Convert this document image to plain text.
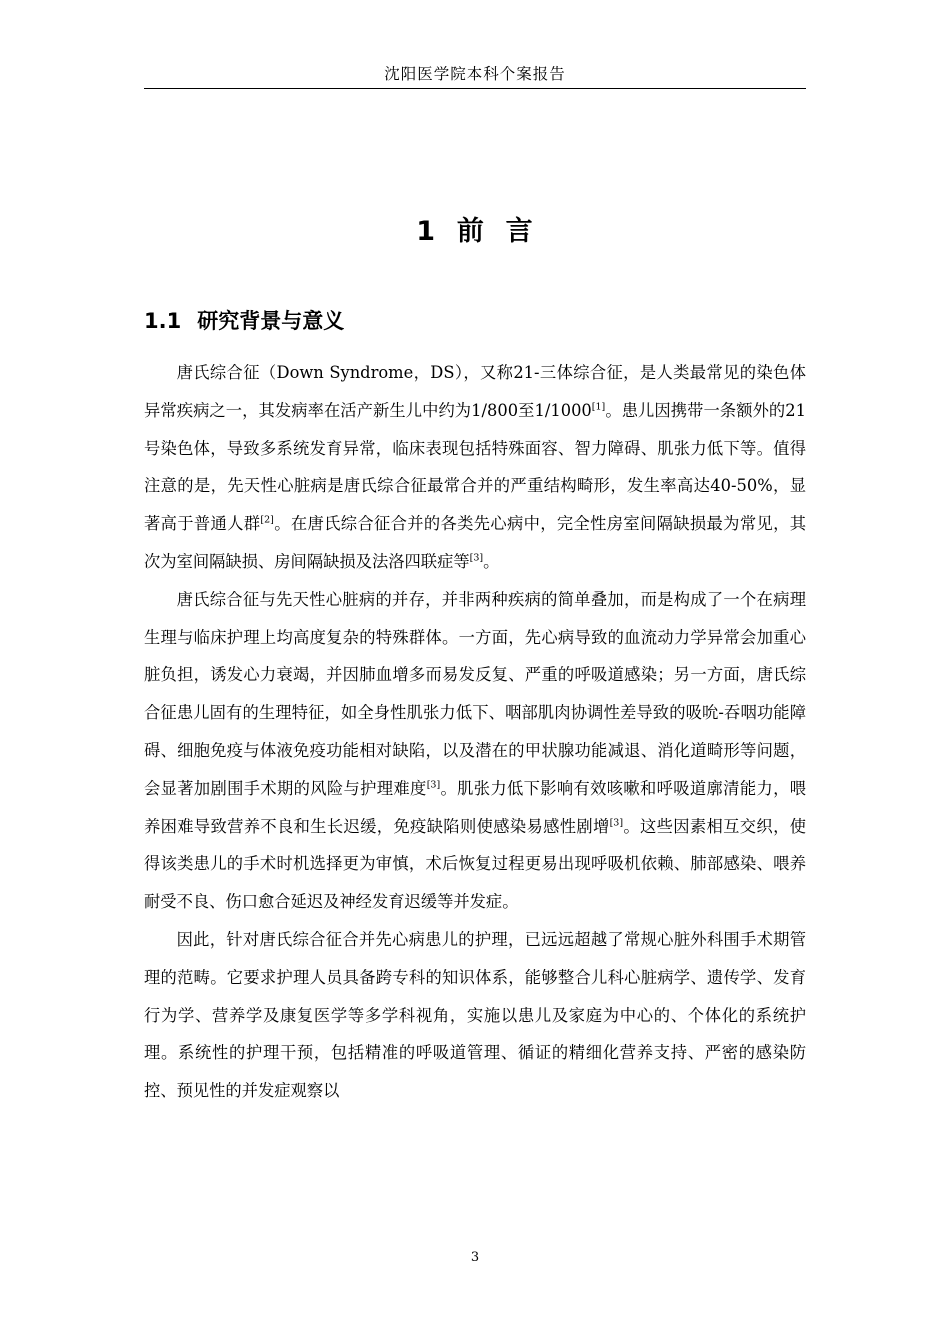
沈阳医学院本科个案报告
1  前  言
1.1 研究背景与意义

唐氏综合征（Down Syndrome，DS），又称21-三体综合征，是人类最常见的染色体异常疾病之一，其发病率在活产新生儿中约为1/800至1/1000[1]。患儿因携带一条额外的21号染色体，导致多系统发育异常，临床表现包括特殊面容、智力障碍、肌张力低下等。值得注意的是，先天性心脏病是唐氏综合征最常合并的严重结构畸形，发生率高达40-50%，显著高于普通人群[2]。在唐氏综合征合并的各类先心病中，完全性房室间隔缺损最为常见，其次为室间隔缺损、房间隔缺损及法洛四联症等[3]。

唐氏综合征与先天性心脏病的并存，并非两种疾病的简单叠加，而是构成了一个在病理生理与临床护理上均高度复杂的特殊群体。一方面，先心病导致的血流动力学异常会加重心脏负担，诱发心力衰竭，并因肺血增多而易发反复、严重的呼吸道感染；另一方面，唐氏综合征患儿固有的生理特征，如全身性肌张力低下、咽部肌肉协调性差导致的吸吮-吞咽功能障碍、细胞免疫与体液免疫功能相对缺陷，以及潜在的甲状腺功能减退、消化道畸形等问题，会显著加剧围手术期的风险与护理难度[3]。肌张力低下影响有效咳嗽和呼吸道廓清能力，喂养困难导致营养不良和生长迟缓，免疫缺陷则使感染易感性剧增[3]。这些因素相互交织，使得该类患儿的手术时机选择更为审慎，术后恢复过程更易出现呼吸机依赖、肺部感染、喂养耐受不良、伤口愈合延迟及神经发育迟缓等并发症。

因此，针对唐氏综合征合并先心病患儿的护理，已远远超越了常规心脏外科围手术期管理的范畴。它要求护理人员具备跨专科的知识体系，能够整合儿科心脏病学、遗传学、发育行为学、营养学及康复医学等多学科视角，实施以患儿及家庭为中心的、个体化的系统护理。系统性的护理干预，包括精准的呼吸道管理、循证的精细化营养支持、严密的感染防控、预见性的并发症观察以

3
